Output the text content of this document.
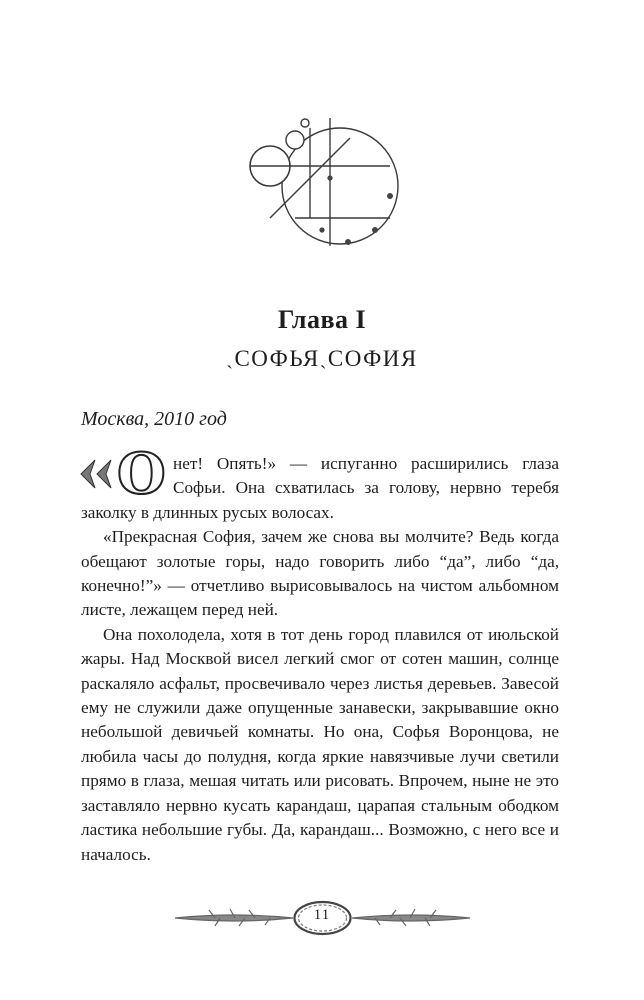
Глава I
ˎСОФЬЯˏСОФИЯ
Москва, 2010 год

О нет! Опять!» — испуганно расширились глаза Софьи. Она схватилась за голову, нервно теребя заколку в длинных русых волосах.

«Прекрасная София, зачем же снова вы молчите? Ведь когда обещают золотые горы, надо говорить либо “да”, либо “да, конечно!”» — отчетливо вырисовывалось на чистом альбомном листе, лежащем перед ней.

Она похолодела, хотя в тот день город плавился от июльской жары. Над Москвой висел легкий смог от сотен машин, солнце раскаляло асфальт, просвечивало через листья деревьев. Завесой ему не служили даже опущенные занавески, закрывавшие окно небольшой девичьей комнаты. Но она, Софья Воронцова, не любила часы до полудня, когда яркие навязчивые лучи светили прямо в глаза, мешая читать или рисовать. Впрочем, ныне не это заставляло нервно кусать карандаш, царапая стальным ободком ластика небольшие губы. Да, карандаш... Возможно, с него все и началось.

11
